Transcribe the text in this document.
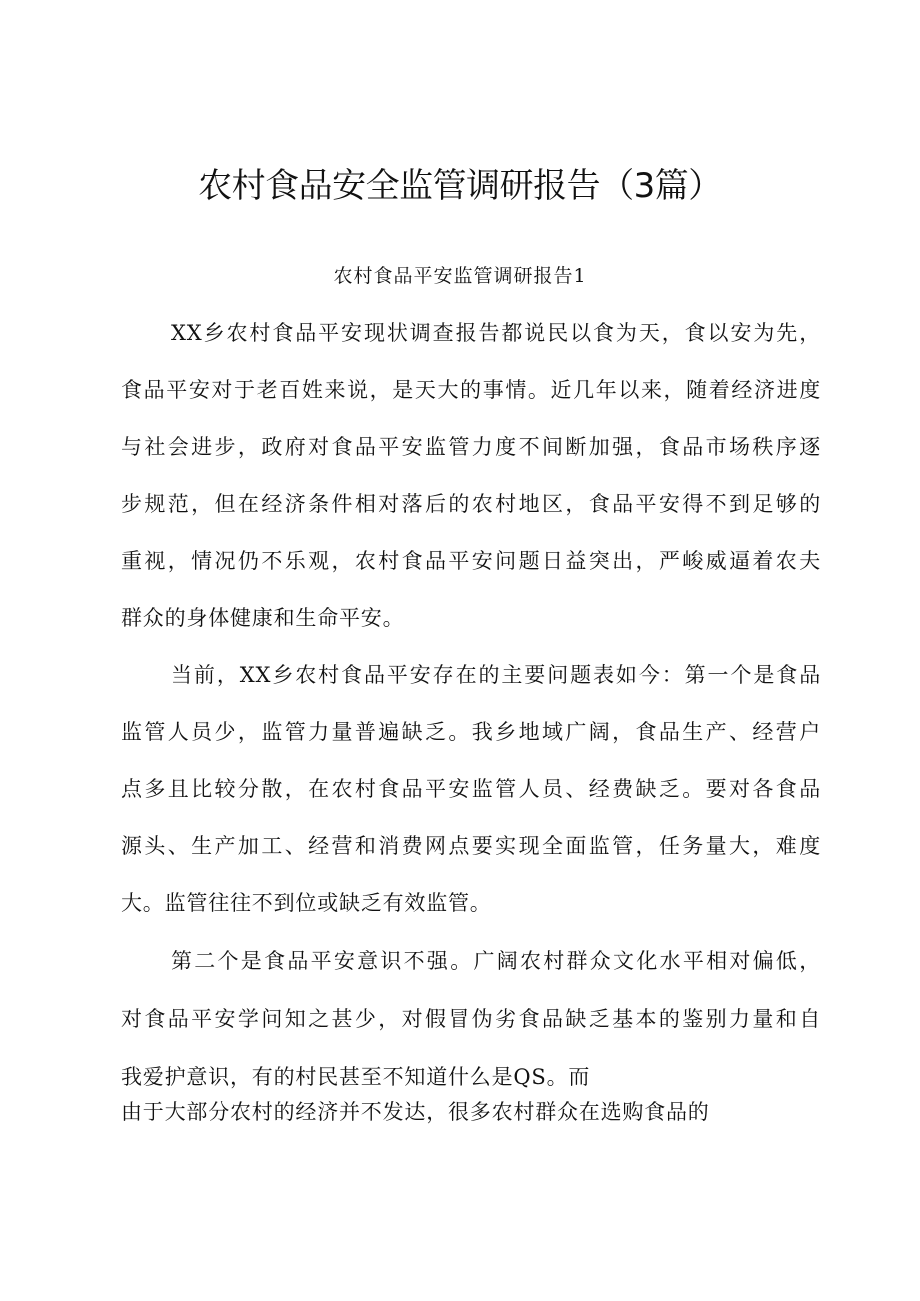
农村食品安全监管调研报告（3篇）
农村食品平安监管调研报告1

XX乡农村食品平安现状调查报告都说民以食为天，食以安为先，

食品平安对于老百姓来说，是天大的事情。近几年以来，随着经济进度

与社会进步，政府对食品平安监管力度不间断加强，食品市场秩序逐

步规范，但在经济条件相对落后的农村地区，食品平安得不到足够的

重视，情况仍不乐观，农村食品平安问题日益突出，严峻威逼着农夫

群众的身体健康和生命平安。

当前，XX乡农村食品平安存在的主要问题表如今：第一个是食品

监管人员少，监管力量普遍缺乏。我乡地域广阔，食品生产、经营户

点多且比较分散，在农村食品平安监管人员、经费缺乏。要对各食品

源头、生产加工、经营和消费网点要实现全面监管，任务量大，难度

大。监管往往不到位或缺乏有效监管。

第二个是食品平安意识不强。广阔农村群众文化水平相对偏低，

对食品平安学问知之甚少，对假冒伪劣食品缺乏基本的鉴别力量和自

我爱护意识，有的村民甚至不知道什么是QS。而

由于大部分农村的经济并不发达，很多农村群众在选购食品的
